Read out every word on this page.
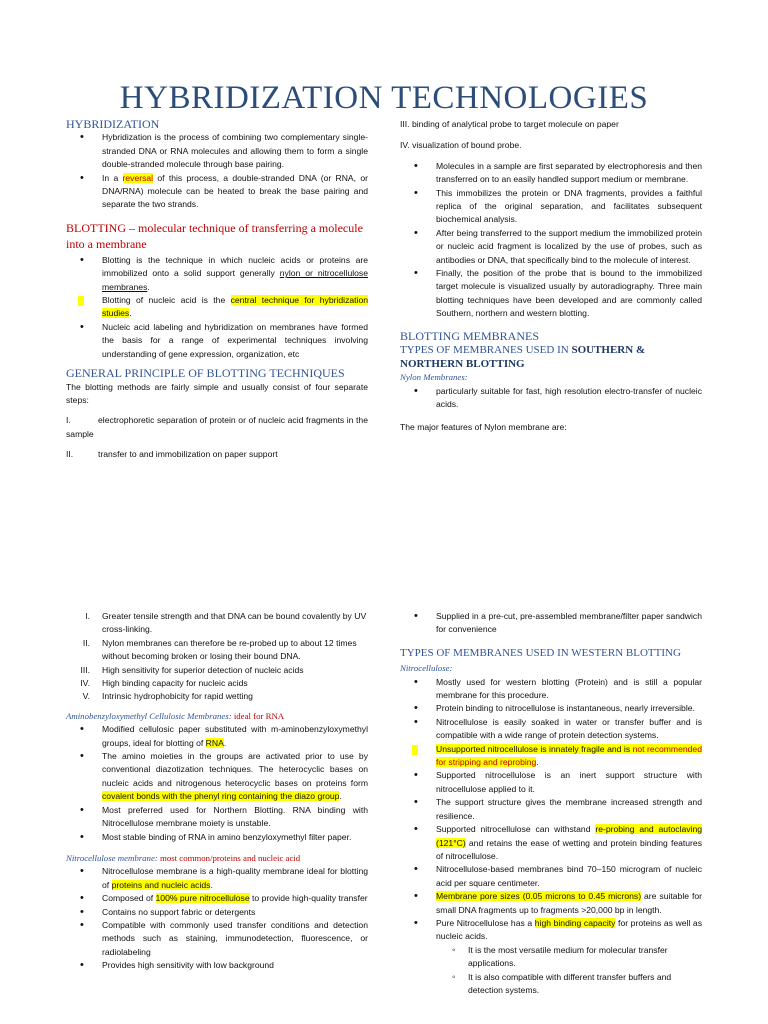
HYBRIDIZATION TECHNOLOGIES

HYBRIDIZATION

• Hybridization is the process of combining two complementary single-stranded DNA or RNA molecules and allowing them to form a single double-stranded molecule through base pairing.
• In a reversal of this process, a double-stranded DNA (or RNA, or DNA/RNA) molecule can be heated to break the base pairing and separate the two strands.

BLOTTING – molecular technique of transferring a molecule into a membrane

• Blotting is the technique in which nucleic acids or proteins are immobilized onto a solid support generally nylon or nitrocellulose membranes.
• Blotting of nucleic acid is the central technique for hybridization studies.
• Nucleic acid labeling and hybridization on membranes have formed the basis for a range of experimental techniques involving understanding of gene expression, organization, etc

GENERAL PRINCIPLE OF BLOTTING TECHNIQUES

The blotting methods are fairly simple and usually consist of four separate steps:

I.	electrophoretic separation of protein or of nucleic acid fragments in the sample
II.	transfer to and immobilization on paper support

III. binding of analytical probe to target molecule on paper

IV. visualization of bound probe.

• Molecules in a sample are first separated by electrophoresis and then transferred on to an easily handled support medium or membrane.
• This immobilizes the protein or DNA fragments, provides a faithful replica of the original separation, and facilitates subsequent biochemical analysis.
• After being transferred to the support medium the immobilized protein or nucleic acid fragment is localized by the use of probes, such as antibodies or DNA, that specifically bind to the molecule of interest.
• Finally, the position of the probe that is bound to the immobilized target molecule is visualized usually by autoradiography. Three main blotting techniques have been developed and are commonly called Southern, northern and western blotting.

BLOTTING MEMBRANES

TYPES OF MEMBRANES USED IN SOUTHERN & NORTHERN BLOTTING

Nylon Membranes:

• particularly suitable for fast, high resolution electro-transfer of nucleic acids.

The major features of Nylon membrane are:

I. Greater tensile strength and that DNA can be bound covalently by UV cross-linking.
II. Nylon membranes can therefore be re-probed up to about 12 times without becoming broken or losing their bound DNA.
III. High sensitivity for superior detection of nucleic acids
IV. High binding capacity for nucleic acids
V. Intrinsic hydrophobicity for rapid wetting

Aminobenzyloxymethyl Cellulosic Membranes: ideal for RNA

• Modified cellulosic paper substituted with m-aminobenzyloxymethyl groups, ideal for blotting of RNA.
• The amino moieties in the groups are activated prior to use by conventional diazotization techniques. The heterocyclic bases on nucleic acids and nitrogenous heterocyclic bases on proteins form covalent bonds with the phenyl ring containing the diazo group.
• Most preferred used for Northern Blotting. RNA binding with Nitrocellulose membrane moiety is unstable.
• Most stable binding of RNA in amino benzyloxymethyl filter paper.

Nitrocellulose membrane: most common/proteins and nucleic acid

• Nitrocellulose membrane is a high-quality membrane ideal for blotting of proteins and nucleic acids.
• Composed of 100% pure nitrocellulose to provide high-quality transfer
• Contains no support fabric or detergents
• Compatible with commonly used transfer conditions and detection methods such as staining, immunodetection, fluorescence, or radiolabeling
• Provides high sensitivity with low background
• Supplied in a pre-cut, pre-assembled membrane/filter paper sandwich for convenience

TYPES OF MEMBRANES USED IN WESTERN BLOTTING

Nitrocellulose:

• Mostly used for western blotting (Protein) and is still a popular membrane for this procedure.
• Protein binding to nitrocellulose is instantaneous, nearly irreversible.
• Nitrocellulose is easily soaked in water or transfer buffer and is compatible with a wide range of protein detection systems.
• Unsupported nitrocellulose is innately fragile and is not recommended for stripping and reprobing.
• Supported nitrocellulose is an inert support structure with nitrocellulose applied to it.
• The support structure gives the membrane increased strength and resilience.
• Supported nitrocellulose can withstand re-probing and autoclaving (121°C) and retains the ease of wetting and protein binding features of nitrocellulose.
• Nitrocellulose-based membranes bind 70–150 microgram of nucleic acid per square centimeter.
• Membrane pore sizes (0.05 microns to 0.45 microns) are suitable for small DNA fragments up to fragments >20,000 bp in length.
• Pure Nitrocellulose has a high binding capacity for proteins as well as nucleic acids.
◦ It is the most versatile medium for molecular transfer applications.
◦ It is also compatible with different transfer buffers and detection systems.
